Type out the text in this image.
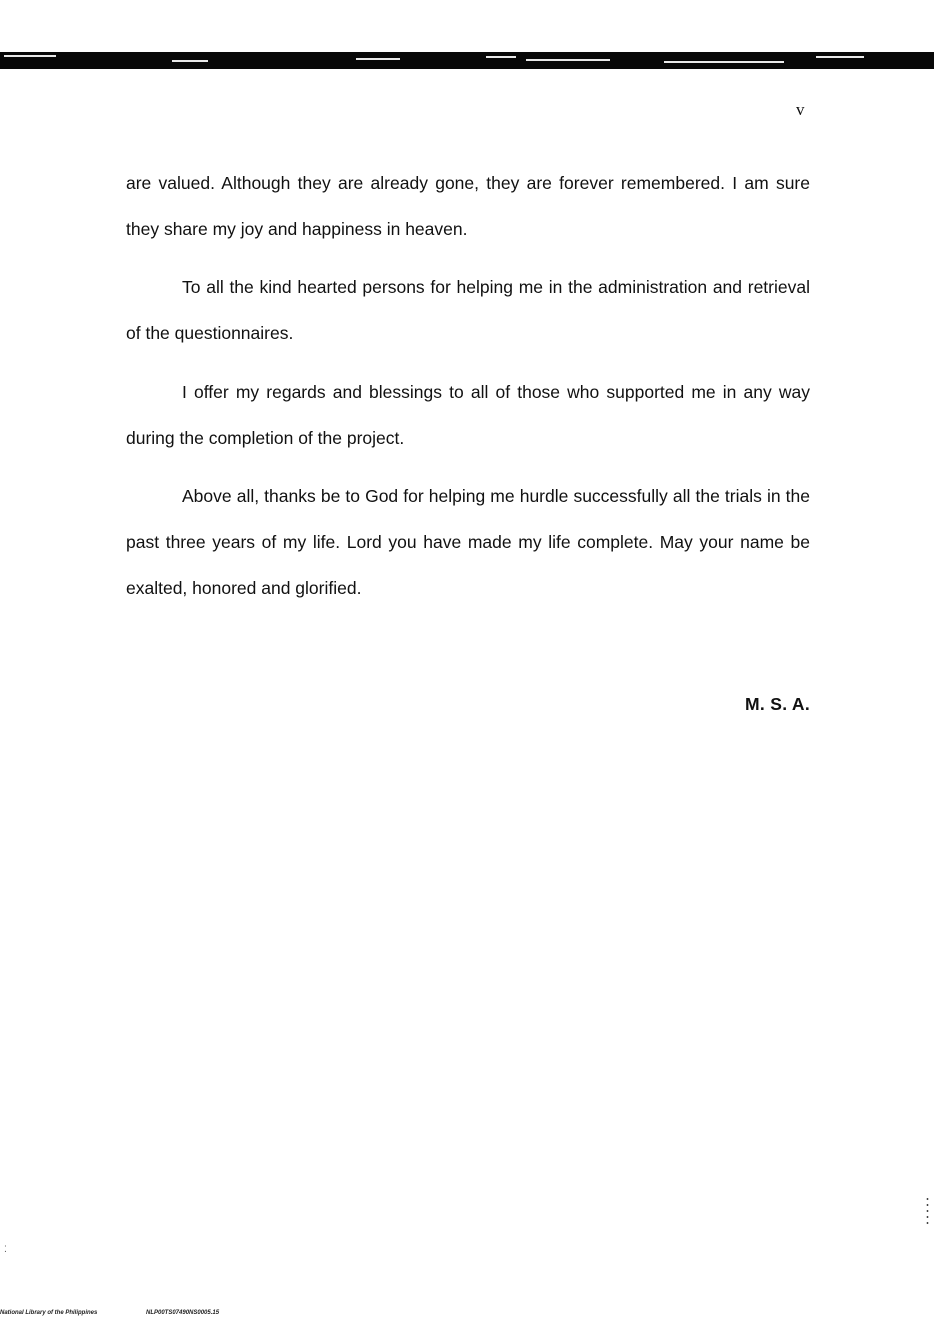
v

are valued. Although they are already gone, they are forever remembered. I am sure they share my joy and happiness in heaven.

To all the kind hearted persons for helping me in the administration and retrieval of the questionnaires.

I offer my regards and blessings to all of those who supported me in any way during the completion of the project.

Above all, thanks be to God for helping me hurdle successfully all the trials in the past three years of my life. Lord you have made my life complete. May your name be exalted, honored and glorified.

M. S. A.
⁚
National Library of the Philippines	NLP00TS07490NS0005.15
